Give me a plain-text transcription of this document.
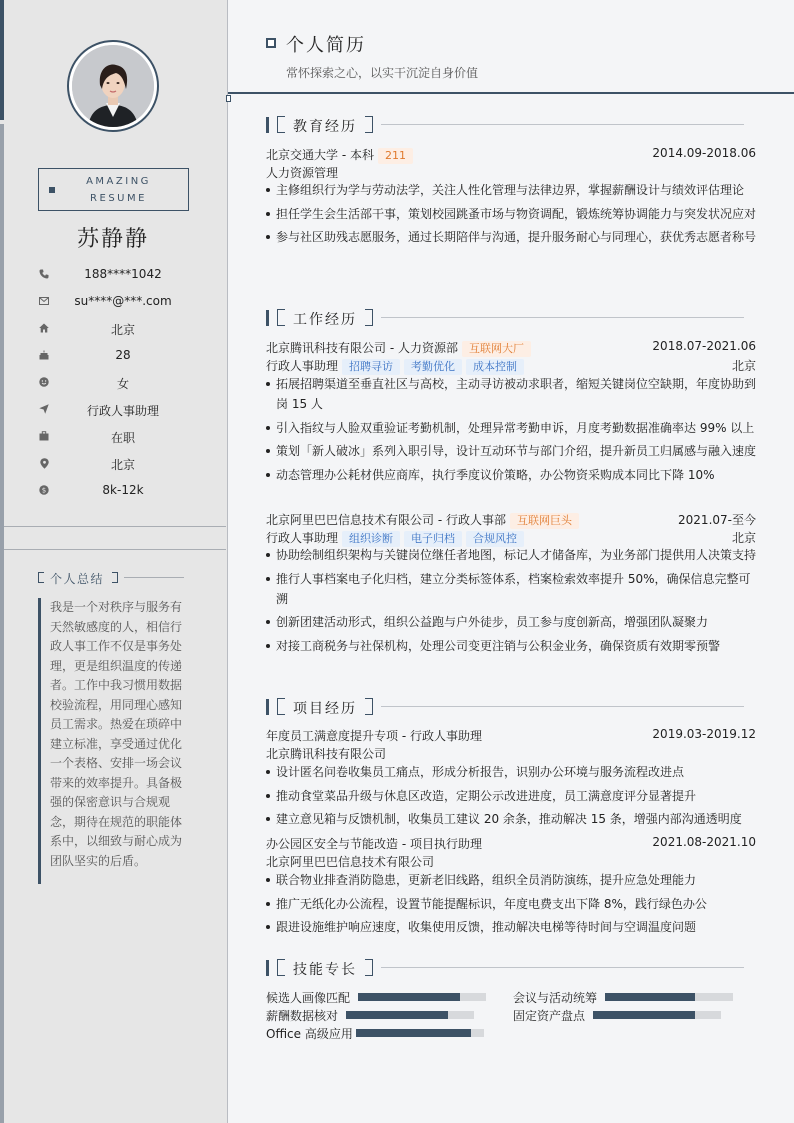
AMAZING
RESUME
苏静静
188****1042
su****@***.com
北京
28
女
行政人事助理
在职
北京
$	8k-12k
个人总结
我是一个对秩序与服务有天然敏感度的人，相信行政人事工作不仅是事务处理，更是组织温度的传递者。工作中我习惯用数据校验流程，用同理心感知员工需求。热爱在琐碎中建立标准，享受通过优化一个表格、安排一场会议带来的效率提升。具备极强的保密意识与合规观念，期待在规范的职能体系中，以细致与耐心成为团队坚实的后盾。
个人简历
常怀探索之心，以实干沉淀自身价值
教育经历
北京交通大学 - 本科 211	2014.09-2018.06
人力资源管理
主修组织行为学与劳动法学，关注人性化管理与法律边界，掌握薪酬设计与绩效评估理论
担任学生会生活部干事，策划校园跳蚤市场与物资调配，锻炼统筹协调能力与突发状况应对
参与社区助残志愿服务，通过长期陪伴与沟通，提升服务耐心与同理心，获优秀志愿者称号
工作经历
北京腾讯科技有限公司 - 人力资源部 互联网大厂	2018.07-2021.06
行政人事助理 招聘寻访 考勤优化 成本控制	北京
拓展招聘渠道至垂直社区与高校，主动寻访被动求职者，缩短关键岗位空缺期，年度协助到岗 15 人
引入指纹与人脸双重验证考勤机制，处理异常考勤申诉，月度考勤数据准确率达 99% 以上
策划「新人破冰」系列入职引导，设计互动环节与部门介绍，提升新员工归属感与融入速度
动态管理办公耗材供应商库，执行季度议价策略，办公物资采购成本同比下降 10%
北京阿里巴巴信息技术有限公司 - 行政人事部 互联网巨头	2021.07-至今
行政人事助理 组织诊断 电子归档 合规风控	北京
协助绘制组织架构与关键岗位继任者地图，标记人才储备库，为业务部门提供用人决策支持
推行人事档案电子化归档，建立分类标签体系，档案检索效率提升 50%，确保信息完整可溯
创新团建活动形式，组织公益跑与户外徒步，员工参与度创新高，增强团队凝聚力
对接工商税务与社保机构，处理公司变更注销与公积金业务，确保资质有效期零预警
项目经历
年度员工满意度提升专项 - 行政人事助理	2019.03-2019.12
北京腾讯科技有限公司
设计匿名问卷收集员工痛点，形成分析报告，识别办公环境与服务流程改进点
推动食堂菜品升级与休息区改造，定期公示改进进度，员工满意度评分显著提升
建立意见箱与反馈机制，收集员工建议 20 余条，推动解决 15 条，增强内部沟通透明度
办公园区安全与节能改造 - 项目执行助理	2021.08-2021.10
北京阿里巴巴信息技术有限公司
联合物业排查消防隐患，更新老旧线路，组织全员消防演练，提升应急处理能力
推广无纸化办公流程，设置节能提醒标识，年度电费支出下降 8%，践行绿色办公
跟进设施维护响应速度，收集使用反馈，推动解决电梯等待时间与空调温度问题
技能专长
候选人画像匹配	会议与活动统筹
薪酬数据核对	固定资产盘点
Office 高级应用
